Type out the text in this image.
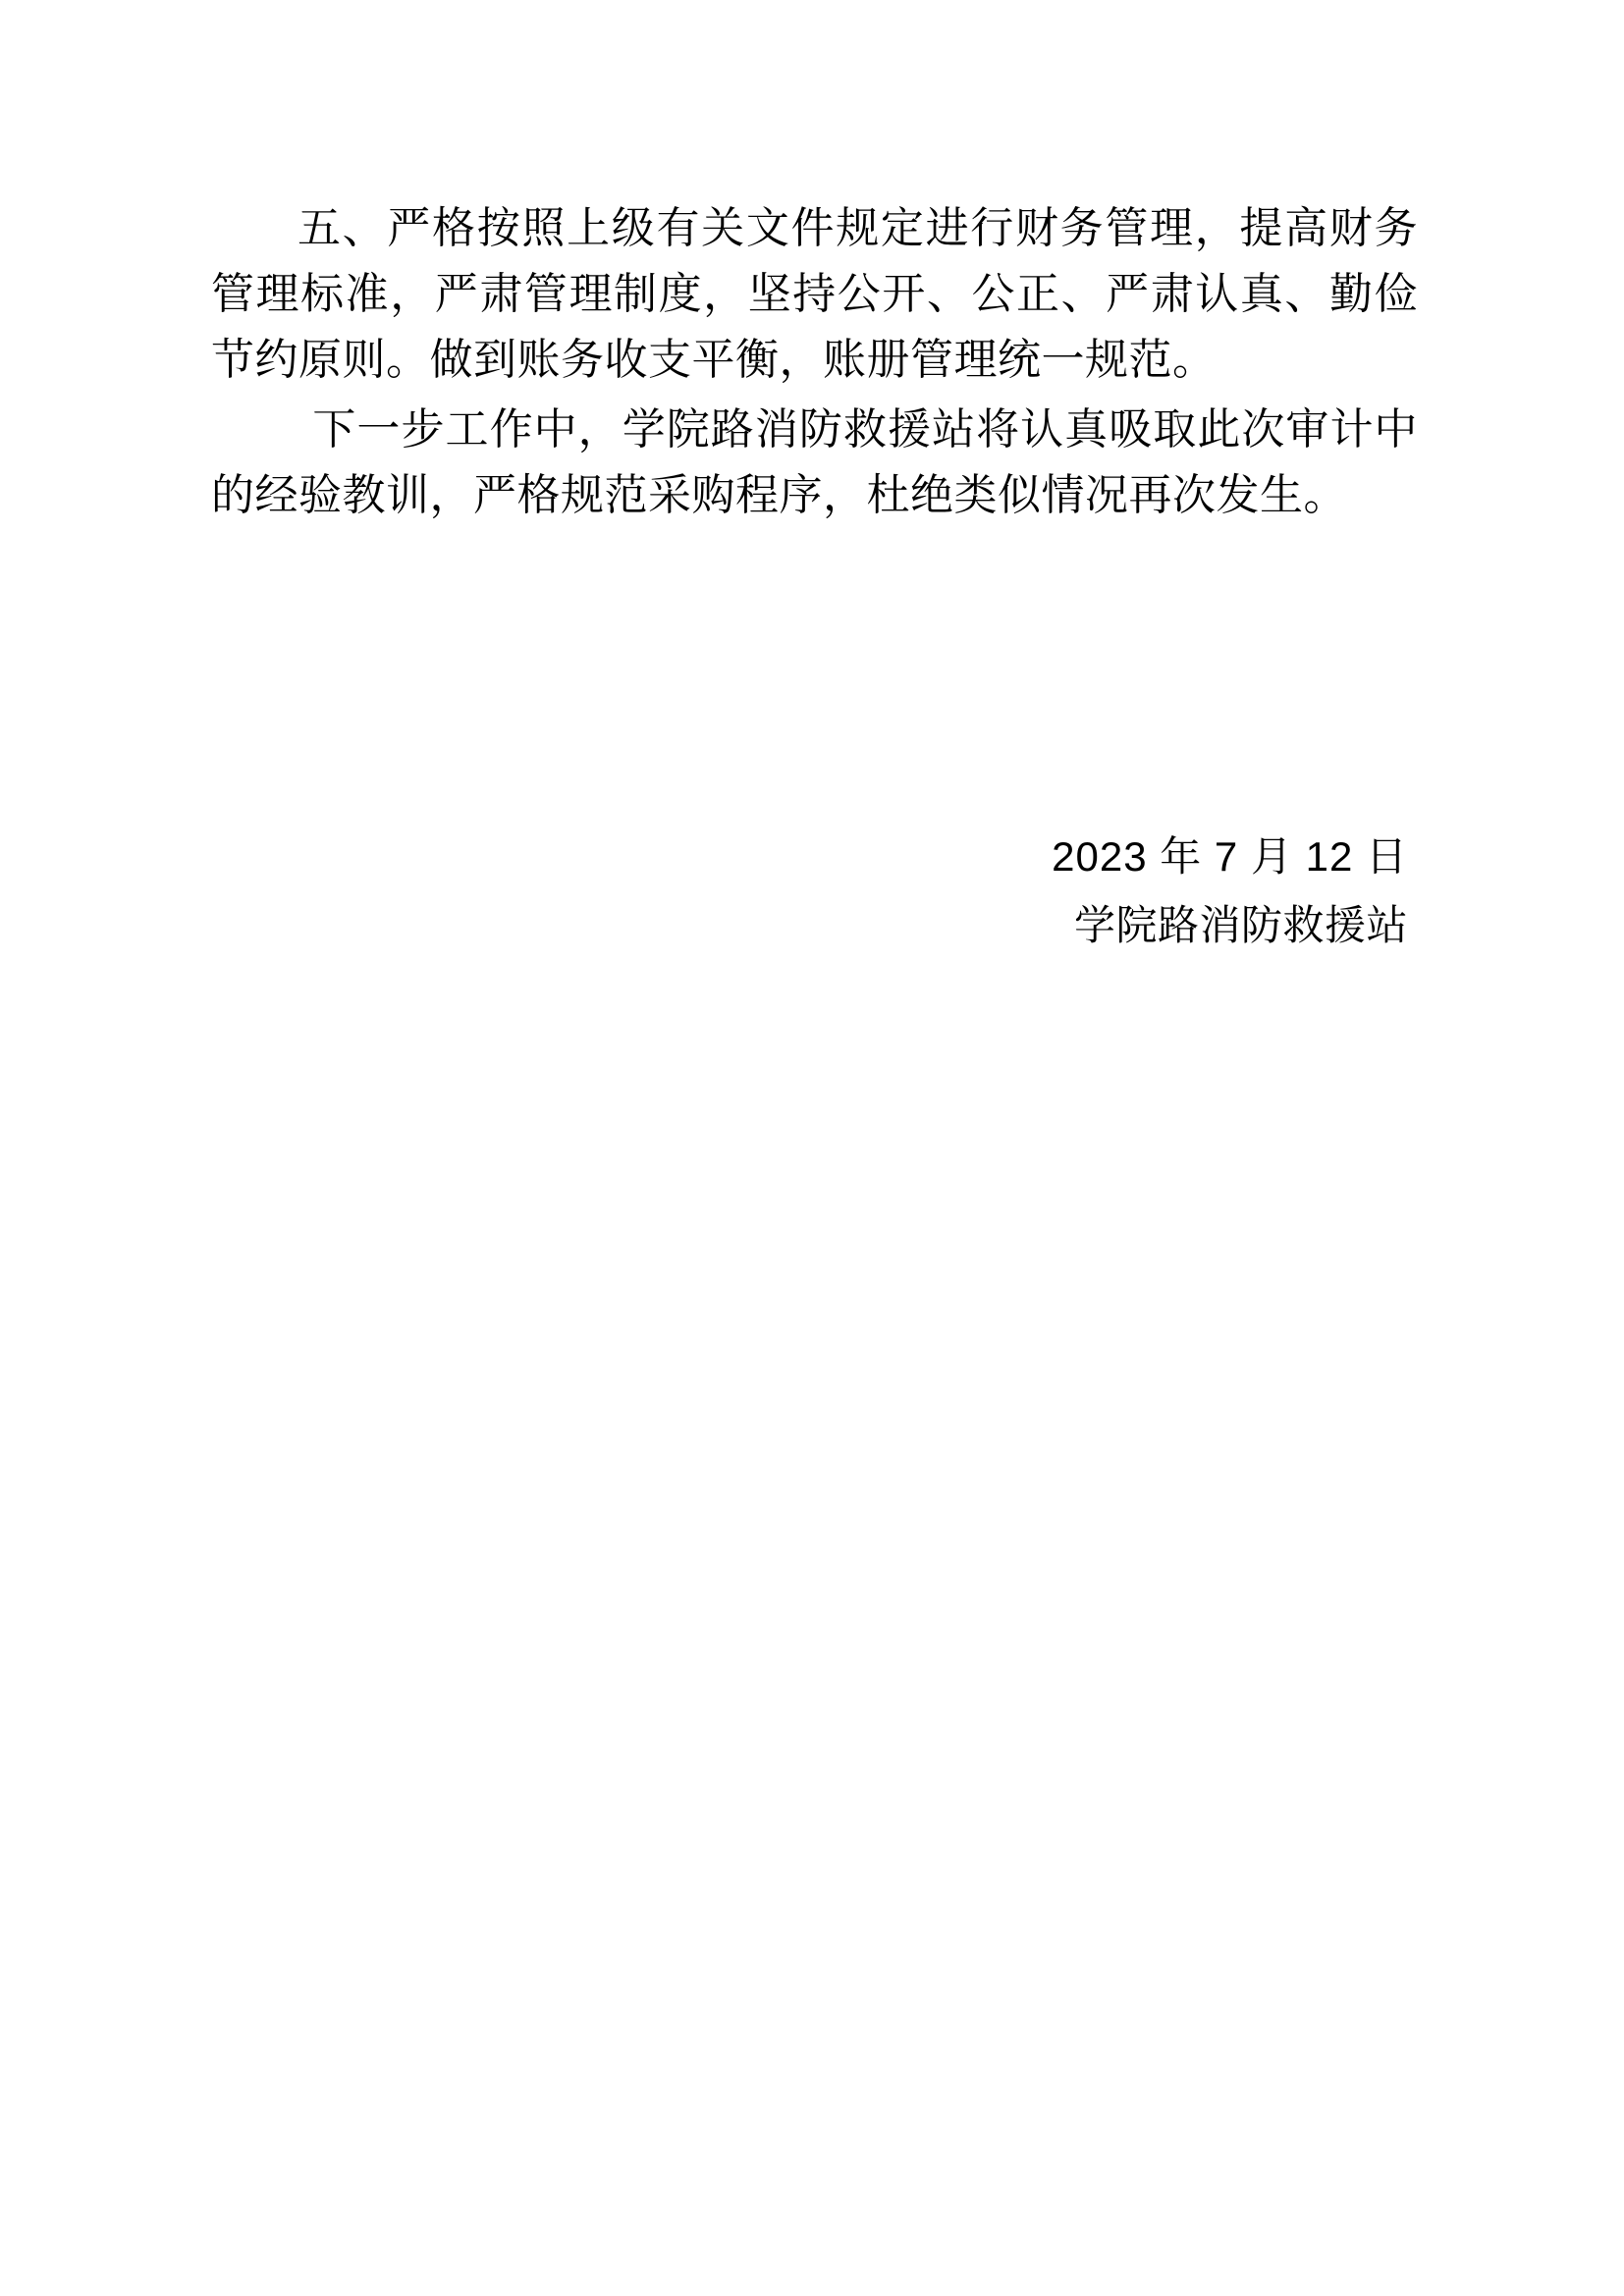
五、严格按照上级有关文件规定进行财务管理，提高财务管理标准，严肃管理制度，坚持公开、公正、严肃认真、勤俭节约原则。做到账务收支平衡，账册管理统一规范。

下一步工作中，学院路消防救援站将认真吸取此次审计中的经验教训，严格规范采购程序，杜绝类似情况再次发生。

2023 年 7 月 12 日
学院路消防救援站
